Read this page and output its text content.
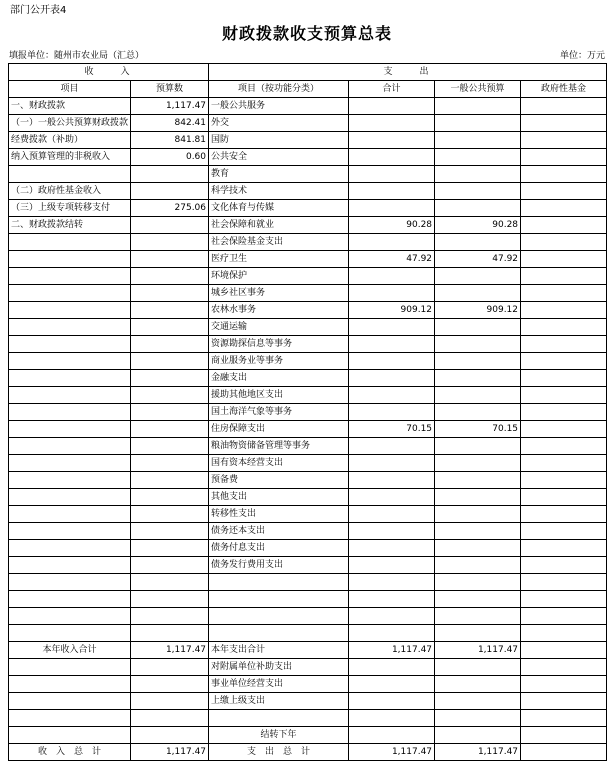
部门公开表4
财政拨款收支预算总表
填报单位：随州市农业局（汇总）	单位：万元
收　　入		支　　出			
项目	预算数	项目（按功能分类）	合计	一般公共预算	政府性基金
一、财政拨款	1,117.47	一般公共服务			
（一）一般公共预算财政拨款	842.41	外交			
经费拨款（补助）	841.81	国防			
纳入预算管理的非税收入	0.60	公共安全			
		教育			
（二）政府性基金收入		科学技术			
（三）上级专项转移支付	275.06	文化体育与传媒			
二、财政拨款结转		社会保障和就业	90.28	90.28	
		社会保险基金支出			
		医疗卫生	47.92	47.92	
		环境保护			
		城乡社区事务			
		农林水事务	909.12	909.12	
		交通运输			
		资源勘探信息等事务			
		商业服务业等事务			
		金融支出			
		援助其他地区支出			
		国土海洋气象等事务			
		住房保障支出	70.15	70.15	
		粮油物资储备管理等事务			
		国有资本经营支出			
		预备费			
		其他支出			
		转移性支出			
		债务还本支出			
		债务付息支出			
		债务发行费用支出			

本年收入合计	1,117.47	本年支出合计	1,117.47	1,117.47	
		对附属单位补助支出			
		事业单位经营支出			
		上缴上级支出			

		结转下年			
收　入　总　计	1,117.47	支　出　总　计	1,117.47	1,117.47	
